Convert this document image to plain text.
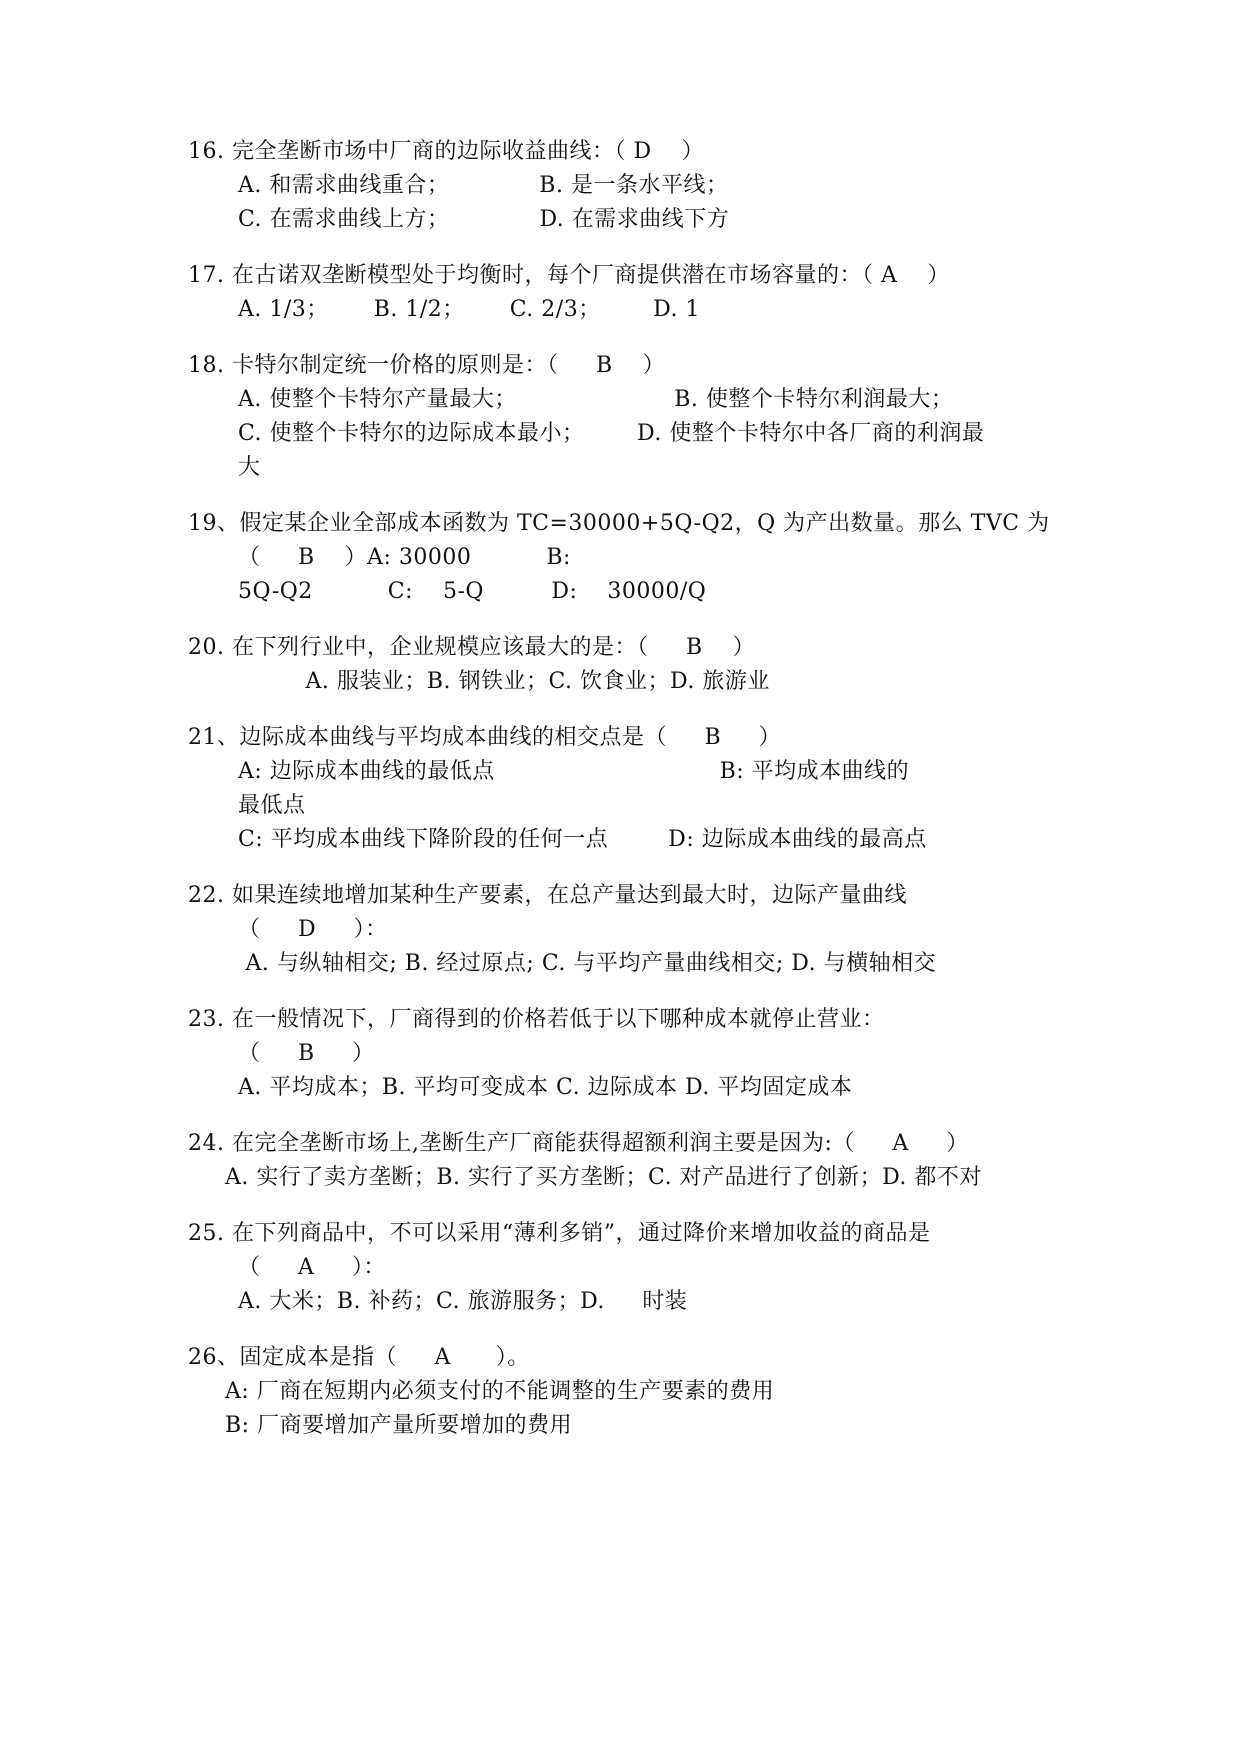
16. 完全垄断市场中厂商的边际收益曲线：（ D    ）
A. 和需求曲线重合；            B. 是一条水平线；
C. 在需求曲线上方；            D. 在需求曲线下方
17. 在古诺双垄断模型处于均衡时，每个厂商提供潜在市场容量的：（ A    ）
A. 1/3；      B. 1/2；      C. 2/3；       D. 1
18. 卡特尔制定统一价格的原则是：（     B    ）
A. 使整个卡特尔产量最大；                     B. 使整个卡特尔利润最大；
C. 使整个卡特尔的边际成本最小；       D. 使整个卡特尔中各厂商的利润最
大
19、假定某企业全部成本函数为 TC=30000+5Q-Q2，Q 为产出数量。那么 TVC 为
（     B    ）A: 30000          B:
5Q-Q2          C:    5-Q         D:    30000/Q
20. 在下列行业中，企业规模应该最大的是：（     B    ）
A. 服装业；B. 钢铁业；C. 饮食业；D. 旅游业
21、边际成本曲线与平均成本曲线的相交点是（     B     ）
A: 边际成本曲线的最低点                              B: 平均成本曲线的
最低点
C: 平均成本曲线下降阶段的任何一点        D: 边际成本曲线的最高点
22. 如果连续地增加某种生产要素，在总产量达到最大时，边际产量曲线
（     D     ）：
A. 与纵轴相交; B. 经过原点; C. 与平均产量曲线相交; D. 与横轴相交
23. 在一般情况下，厂商得到的价格若低于以下哪种成本就停止营业：
（     B     ）
A. 平均成本；B. 平均可变成本 C. 边际成本 D. 平均固定成本
24. 在完全垄断市场上,垄断生产厂商能获得超额利润主要是因为:（     A     ）
A. 实行了卖方垄断；B. 实行了买方垄断；C. 对产品进行了创新；D. 都不对
25. 在下列商品中，不可以采用“薄利多销”，通过降价来增加收益的商品是
（     A     ）：
A. 大米；B. 补药；C. 旅游服务；D.     时装
26、固定成本是指（     A      ）。
A: 厂商在短期内必须支付的不能调整的生产要素的费用
B: 厂商要增加产量所要增加的费用
